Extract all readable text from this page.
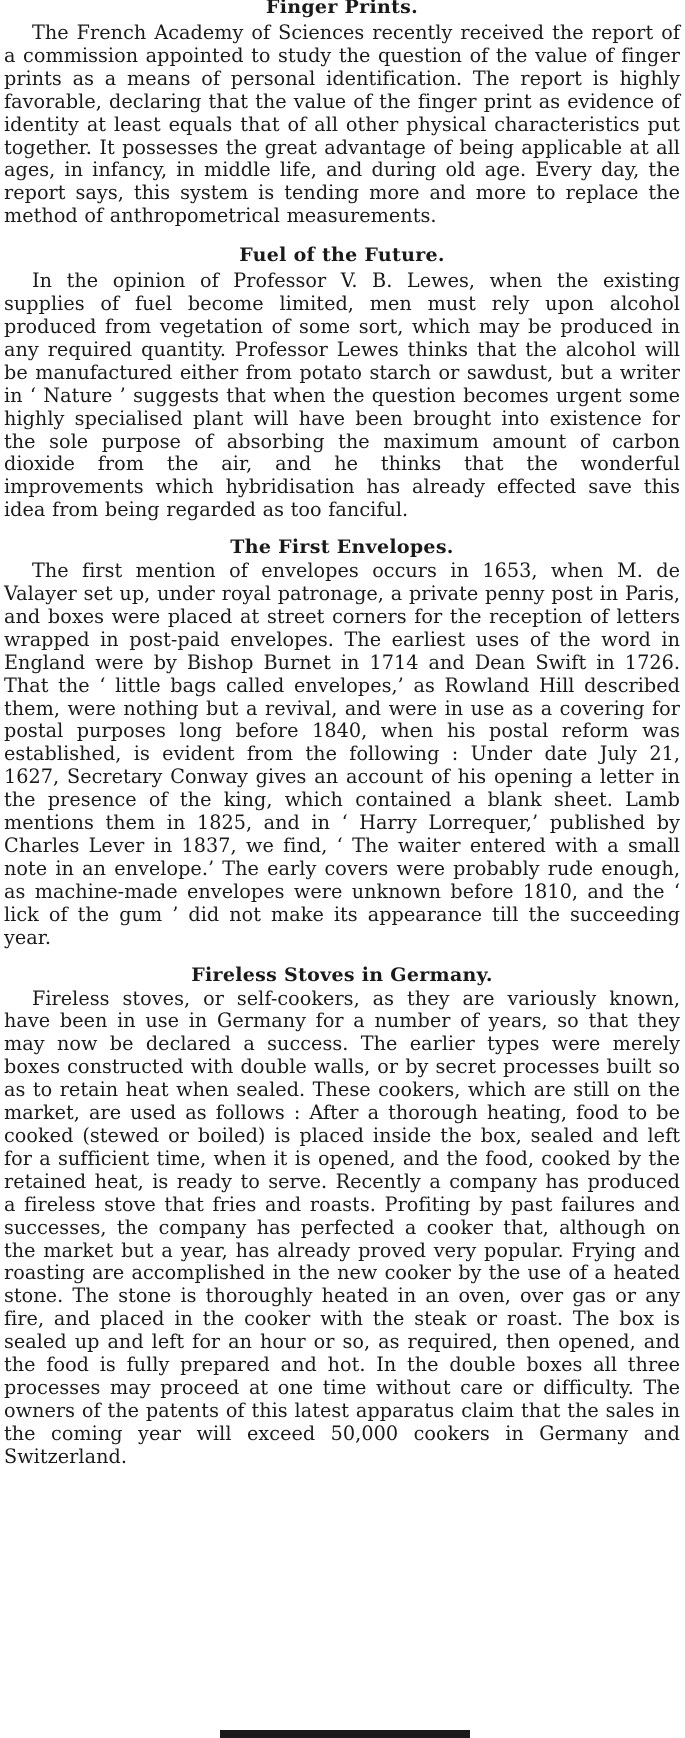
Finger Prints.

The French Academy of Sciences recently received the report of a commission appointed to study the question of the value of finger prints as a means of personal identification. The report is highly favorable, declaring that the value of the finger print as evidence of identity at least equals that of all other physical characteristics put together. It possesses the great advantage of being applicable at all ages, in infancy, in middle life, and during old age. Every day, the report says, this system is tending more and more to replace the method of anthropometrical measurements.

Fuel of the Future.

In the opinion of Professor V. B. Lewes, when the existing supplies of fuel become limited, men must rely upon alcohol produced from vegetation of some sort, which may be produced in any required quantity. Professor Lewes thinks that the alcohol will be manufactured either from potato starch or sawdust, but a writer in ‘ Nature ’ suggests that when the question becomes urgent some highly specialised plant will have been brought into existence for the sole purpose of absorbing the maximum amount of carbon dioxide from the air, and he thinks that the wonderful improvements which hybridisation has already effected save this idea from being regarded as too fanciful.

The First Envelopes.

The first mention of envelopes occurs in 1653, when M. de Valayer set up, under royal patronage, a private penny post in Paris, and boxes were placed at street corners for the reception of letters wrapped in post-paid envelopes. The earliest uses of the word in England were by Bishop Burnet in 1714 and Dean Swift in 1726. That the ‘ little bags called envelopes,’ as Rowland Hill described them, were nothing but a revival, and were in use as a covering for postal purposes long before 1840, when his postal reform was established, is evident from the following : Under date July 21, 1627, Secretary Conway gives an account of his opening a letter in the presence of the king, which contained a blank sheet. Lamb mentions them in 1825, and in ‘ Harry Lorrequer,’ published by Charles Lever in 1837, we find, ‘ The waiter entered with a small note in an envelope.’ The early covers were probably rude enough, as machine-made envelopes were unknown before 1810, and the ‘ lick of the gum ’ did not make its appearance till the succeeding year.

Fireless Stoves in Germany.

Fireless stoves, or self-cookers, as they are variously known, have been in use in Germany for a number of years, so that they may now be declared a success. The earlier types were merely boxes constructed with double walls, or by secret processes built so as to retain heat when sealed. These cookers, which are still on the market, are used as follows : After a thorough heating, food to be cooked (stewed or boiled) is placed inside the box, sealed and left for a sufficient time, when it is opened, and the food, cooked by the retained heat, is ready to serve. Recently a company has produced a fireless stove that fries and roasts. Profiting by past failures and successes, the company has perfected a cooker that, although on the market but a year, has already proved very popular. Frying and roasting are accomplished in the new cooker by the use of a heated stone. The stone is thoroughly heated in an oven, over gas or any fire, and placed in the cooker with the steak or roast. The box is sealed up and left for an hour or so, as required, then opened, and the food is fully prepared and hot. In the double boxes all three processes may proceed at one time without care or difficulty. The owners of the patents of this latest apparatus claim that the sales in the coming year will exceed 50,000 cookers in Germany and Switzerland.
